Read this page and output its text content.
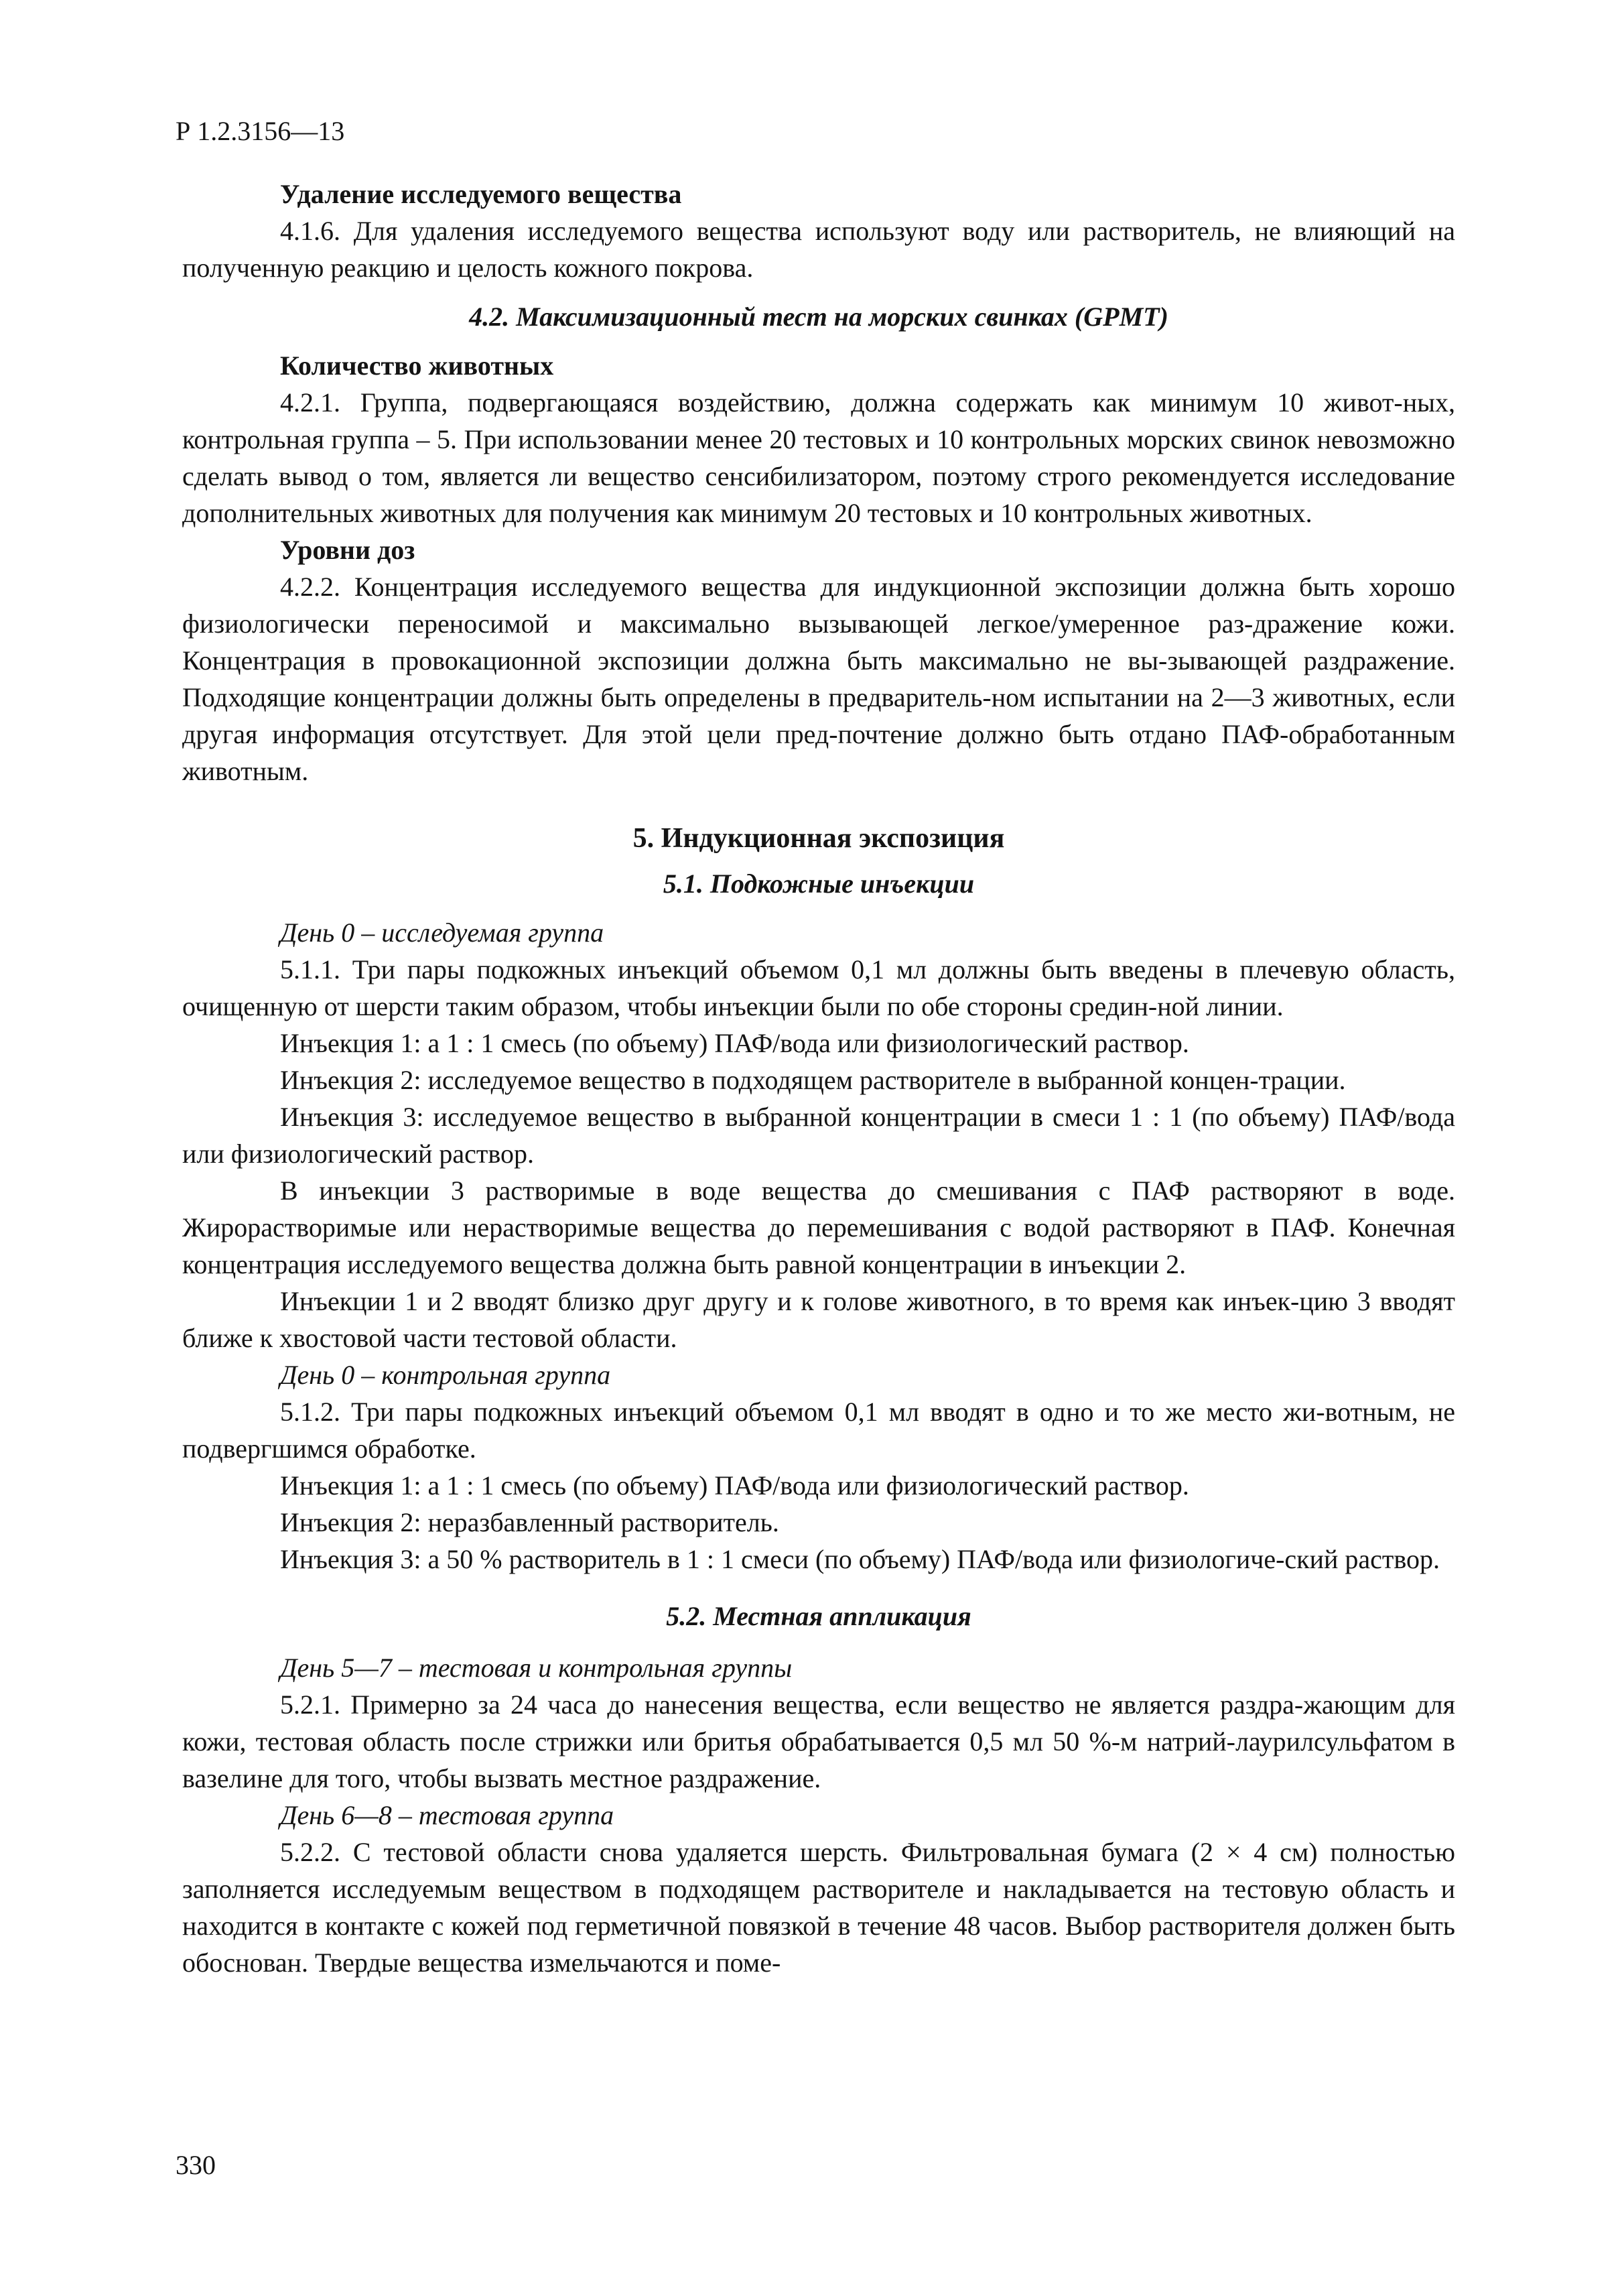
Р 1.2.3156—13

Удаление исследуемого вещества

4.1.6. Для удаления исследуемого вещества используют воду или растворитель, не влияющий на полученную реакцию и целость кожного покрова.

4.2. Максимизационный тест на морских свинках (GPMT)

Количество животных

4.2.1. Группа, подвергающаяся воздействию, должна содержать как минимум 10 живот-ных, контрольная группа – 5. При использовании менее 20 тестовых и 10 контрольных морских свинок невозможно сделать вывод о том, является ли вещество сенсибилизатором, поэтому строго рекомендуется исследование дополнительных животных для получения как минимум 20 тестовых и 10 контрольных животных.

Уровни доз

4.2.2. Концентрация исследуемого вещества для индукционной экспозиции должна быть хорошо физиологически переносимой и максимально вызывающей легкое/умеренное раз-дражение кожи. Концентрация в провокационной экспозиции должна быть максимально не вы-зывающей раздражение. Подходящие концентрации должны быть определены в предваритель-ном испытании на 2—3 животных, если другая информация отсутствует. Для этой цели пред-почтение должно быть отдано ПАФ-обработанным животным.

5. Индукционная экспозиция

5.1. Подкожные инъекции

День 0 – исследуемая группа

5.1.1. Три пары подкожных инъекций объемом 0,1 мл должны быть введены в плечевую область, очищенную от шерсти таким образом, чтобы инъекции были по обе стороны средин-ной линии.

Инъекция 1: а 1 : 1 смесь (по объему) ПАФ/вода или физиологический раствор.

Инъекция 2: исследуемое вещество в подходящем растворителе в выбранной концен-трации.

Инъекция 3: исследуемое вещество в выбранной концентрации в смеси 1 : 1 (по объему) ПАФ/вода или физиологический раствор.

В инъекции 3 растворимые в воде вещества до смешивания с ПАФ растворяют в воде. Жирорастворимые или нерастворимые вещества до перемешивания с водой растворяют в ПАФ. Конечная концентрация исследуемого вещества должна быть равной концентрации в инъекции 2.

Инъекции 1 и 2 вводят близко друг другу и к голове животного, в то время как инъек-цию 3 вводят ближе к хвостовой части тестовой области.

День 0 – контрольная группа

5.1.2. Три пары подкожных инъекций объемом 0,1 мл вводят в одно и то же место жи-вотным, не подвергшимся обработке.

Инъекция 1: а 1 : 1 смесь (по объему) ПАФ/вода или физиологический раствор.

Инъекция 2: неразбавленный растворитель.

Инъекция 3: а 50 % растворитель в 1 : 1 смеси (по объему) ПАФ/вода или физиологиче-ский раствор.

5.2. Местная аппликация

День 5—7 – тестовая и контрольная группы

5.2.1. Примерно за 24 часа до нанесения вещества, если вещество не является раздра-жающим для кожи, тестовая область после стрижки или бритья обрабатывается 0,5 мл 50 %-м натрий-лаурилсульфатом в вазелине для того, чтобы вызвать местное раздражение.

День 6—8 – тестовая группа

5.2.2. С тестовой области снова удаляется шерсть. Фильтровальная бумага (2 × 4 см) полностью заполняется исследуемым веществом в подходящем растворителе и накладывается на тестовую область и находится в контакте с кожей под герметичной повязкой в течение 48 часов. Выбор растворителя должен быть обоснован. Твердые вещества измельчаются и поме-

330
